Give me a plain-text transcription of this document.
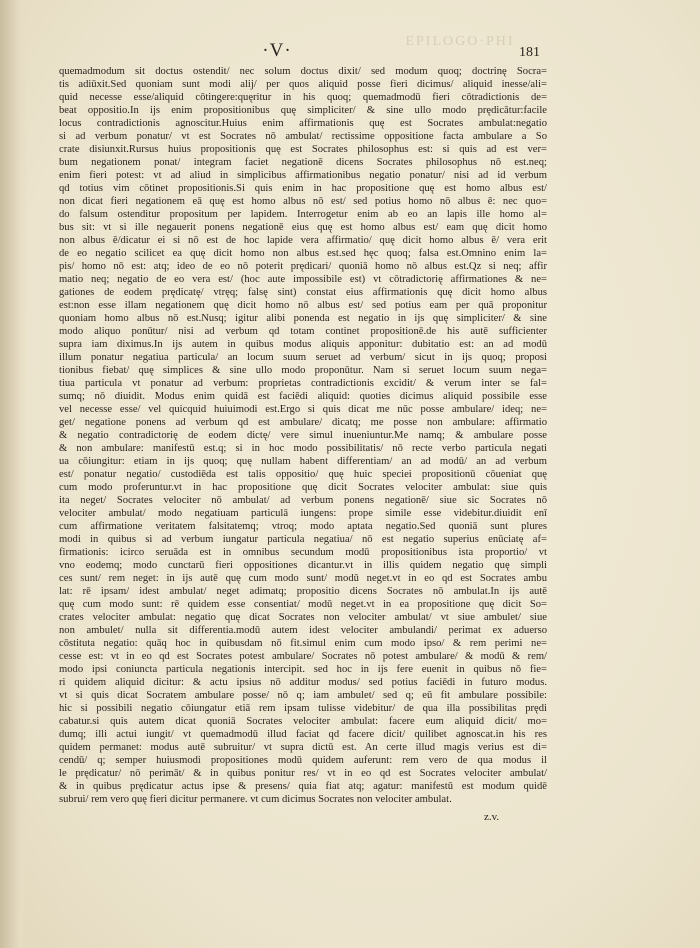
EPILOGO·PHI
·V·	181
quemadmodum sit doctus ostendit/ nec solum doctus dixit/ sed modum quoq; doctrinę Socra=
tis adiūxit.Sed quoniam sunt modi alij/ per quos aliquid posse fieri dicimus/ aliquid inesse/ali=
quid necesse esse/aliquid cōtingere:quęritur in his quoq; quemadmodū fieri cōtradictionis de=
beat oppositio.In ijs enim propositionibus quę simpliciter/ & sine ullo modo prędicātur:facile
locus contradictionis agnoscitur.Huius enim affirmationis quę est Socrates ambulat:negatio
si ad verbum ponatur/ vt est Socrates nō ambulat/ rectissime oppositione facta ambulare a So
crate disiunxit.Rursus huius propositionis quę est Socrates philosophus est: si quis ad est ver=
bum negationem ponat/ integram faciet negationē dicens Socrates philosophus nō est.neq;
enim fieri potest: vt ad aliud in simplicibus affirmationibus negatio ponatur/ nisi ad id verbum
qd totius vim cōtinet propositionis.Si quis enim in hac propositione quę est homo albus est/
non dicat fieri negationem eā quę est homo albus nō est/ sed potius homo nō albus ē: nec quo=
do falsum ostenditur propositum per lapidem. Interrogetur enim ab eo an lapis ille homo al=
bus sit: vt si ille negauerit ponens negationē eius quę est homo albus est/ eam quę dicit homo
non albus ē/dicatur ei si nō est de hoc lapide vera affirmatio/ quę dicit homo albus ē/ vera erit
de eo negatio scilicet ea quę dicit homo non albus est.sed hęc quoq; falsa est.Omnino enim la=
pis/ homo nō est: atq; ideo de eo nō poterit prędicari/ quoniā homo nō albus est.Qz si neq; affir
matio neq; negatio de eo vera est/ (hoc aute impossibile est) vt cōtradictorię affirmationes & ne=
gationes de eodem prędicatę/ vtręq; falsę sint) constat eius affirmationis quę dicit homo albus
est:non esse illam negationem quę dicit homo nō albus est/ sed potius eam per quā proponitur
quoniam homo albus nō est.Nusq; igitur alibi ponenda est negatio in ijs quę simpliciter/ & sine
modo aliquo ponūtur/ nisi ad verbum qd totam continet propositionē.de his autē sufficienter
supra iam diximus.In ijs autem in quibus modus aliquis apponitur: dubitatio est: an ad modū
illum ponatur negatiua particula/ an locum suum seruet ad verbum/ sicut in ijs quoq; proposi
tionibus fiebat/ quę simplices & sine ullo modo proponūtur. Nam si seruet locum suum nega=
tiua particula vt ponatur ad verbum: proprietas contradictionis excidit/ & verum inter se fal=
sumq; nō diuidit. Modus enim quidā est faciēdi aliquid: quoties dicimus aliquid possibile esse
vel necesse esse/ vel quicquid huiuimodi est.Ergo si quis dicat me nūc posse ambulare/ ideq; ne=
get/ negatione ponens ad verbum qd est ambulare/ dicatq; me posse non ambulare: affirmatio
& negatio contradictorię de eodem dictę/ vere simul inueniuntur.Me namq; & ambulare posse
& non ambulare: manifestū est.q; si in hoc modo possibilitatis/ nō recte verbo particula negati
ua cōiungitur: etiam in ijs quoq; quę nullam habent differentiam/ an ad modū/ an ad verbum
est/ ponatur negatio/ custodiēda est talis oppositio/ quę huic speciei propositionū cōueniat quę
cum modo proferuntur.vt in hac propositione quę dicit Socrates velociter ambulat: siue quis
ita neget/ Socrates velociter nō ambulat/ ad verbum ponens negationē/ siue sic Socrates nō
velociter ambulat/ modo negatiuam particulā iungens: prope simile esse videbitur.diuidit enī
cum affirmatione veritatem falsitatemq; vtroq; modo aptata negatio.Sed quoniā sunt plures
modi in quibus si ad verbum iungatur particula negatiua/ nō est negatio superius enūciatę af=
firmationis: icirco seruāda est in omnibus secundum modū propositionibus ista proportio/ vt
vno eodemq; modo cunctarū fieri oppositiones dicantur.vt in illis quidem negatio quę simpli
ces sunt/ rem neget: in ijs autē quę cum modo sunt/ modū neget.vt in eo qd est Socrates ambu
lat: rē ipsam/ idest ambulat/ neget adimatq; propositio dicens Socrates nō ambulat.In ijs autē
quę cum modo sunt: rē quidem esse consentiat/ modū neget.vt in ea propositione quę dicit So=
crates velociter ambulat: negatio quę dicat Socrates non velociter ambulat/ vt siue ambulet/ siue
non ambulet/ nulla sit differentia.modū autem idest velociter ambulandi/ perimat ex aduerso
cōstituta negatio: quāq hoc in quibusdam nō fit.simul enim cum modo ipso/ & rem perimi ne=
cesse est: vt in eo qd est Socrates potest ambulare/ Socrates nō potest ambulare/ & modū & rem/
modo ipsi coniuncta particula negationis intercipit. sed hoc in ijs fere euenit in quibus nō fie=
ri quidem aliquid dicitur: & actu ipsius nō additur modus/ sed potius faciēdi in futuro modus.
vt si quis dicat Socratem ambulare posse/ nō q; iam ambulet/ sed q; eū fit ambulare possibile:
hic si possibili negatio cōiungatur etiā rem ipsam tulisse videbitur/ de qua illa possibilitas prędi
cabatur.si quis autem dicat quoniā Socrates velociter ambulat: facere eum aliquid dicit/ mo=
dumq; illi actui iungit/ vt quemadmodū illud faciat qd facere dicit/ quilibet agnoscat.in his res
quidem permanet: modus autē subruitur/ vt supra dictū est. An certe illud magis verius est di=
cendū/ q; semper huiusmodi propositiones modū quidem auferunt: rem vero de qua modus il
le prędicatur/ nō perimāt/ & in quibus ponitur res/ vt in eo qd est Socrates velociter ambulat/
& in quibus prędicatur actus ipse & presens/ quia fiat atq; agatur: manifestū est modum quidē
subrui/ rem vero quę fieri dicitur permanere. vt cum dicimus Socrates non velociter ambulat.
z.v.
